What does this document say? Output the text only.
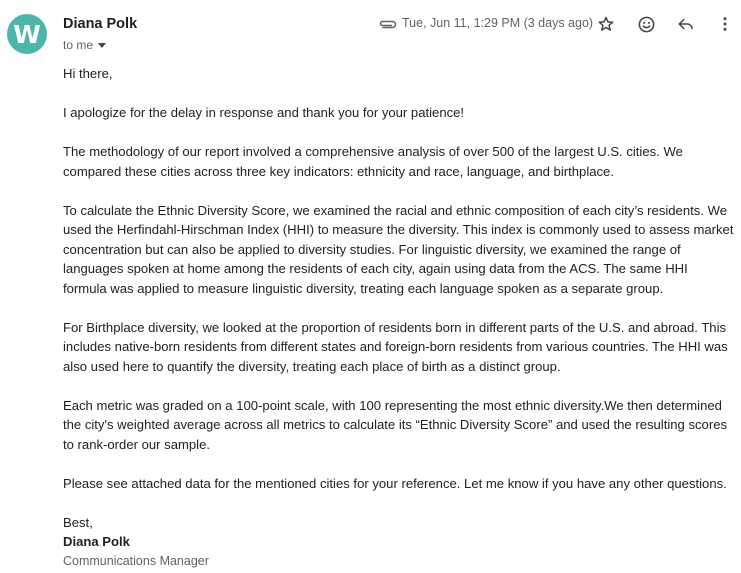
W	Diana Polk
to me
Tue, Jun 11, 1:29 PM (3 days ago)

Hi there,

I apologize for the delay in response and thank you for your patience!

The methodology of our report involved a comprehensive analysis of over 500 of the largest U.S. cities. We compared these cities across three key indicators: ethnicity and race, language, and birthplace.

To calculate the Ethnic Diversity Score, we examined the racial and ethnic composition of each city’s residents. We used the Herfindahl-Hirschman Index (HHI) to measure the diversity. This index is commonly used to assess market concentration but can also be applied to diversity studies. For linguistic diversity, we examined the range of languages spoken at home among the residents of each city, again using data from the ACS. The same HHI formula was applied to measure linguistic diversity, treating each language spoken as a separate group.

For Birthplace diversity, we looked at the proportion of residents born in different parts of the U.S. and abroad. This includes native-born residents from different states and foreign-born residents from various countries. The HHI was also used here to quantify the diversity, treating each place of birth as a distinct group.

Each metric was graded on a 100-point scale, with 100 representing the most ethnic diversity.We then determined the city's weighted average across all metrics to calculate its “Ethnic Diversity Score” and used the resulting scores to rank-order our sample.

Please see attached data for the mentioned cities for your reference. Let me know if you have any other questions.

Best,
Diana Polk
Communications Manager
